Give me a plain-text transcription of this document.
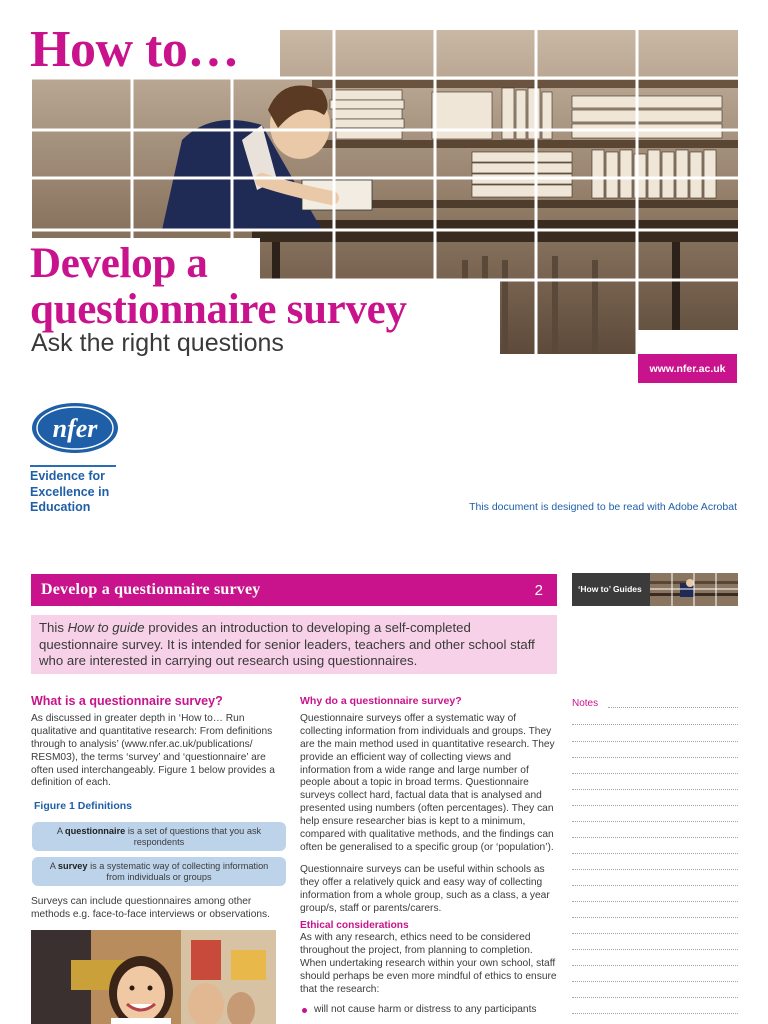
How to…
Develop a
questionnaire survey
Ask the right questions
www.nfer.ac.uk
nfer
Evidence for
Excellence in
Education	This document is designed to be read with Adobe Acrobat
Develop a questionnaire survey	2	‘How to’ Guides
This How to guide provides an introduction to developing a self-completed questionnaire survey. It is intended for senior leaders, teachers and other school staff who are interested in carrying out research using questionnaires.
What is a questionnaire survey?
As discussed in greater depth in ‘How to… Run qualitative and quantitative research: From definitions through to analysis’ (www.nfer.ac.uk/publications/ RESM03), the terms ‘survey’ and ‘questionnaire’ are often used interchangeably. Figure 1 below provides a definition of each.
Figure 1 Definitions
A questionnaire is a set of questions that you ask respondents
A survey is a systematic way of collecting information from individuals or groups
Surveys can include questionnaires among other methods e.g. face-to-face interviews or observations.
Why do a questionnaire survey?
Questionnaire surveys offer a systematic way of collecting information from individuals and groups. They are the main method used in quantitative research. They provide an efficient way of collecting views and information from a wide range and large number of people about a topic in broad terms. Questionnaire surveys collect hard, factual data that is analysed and presented using numbers (often percentages). They can help ensure researcher bias is kept to a minimum, compared with qualitative methods, and the findings can often be generalised to a specific group (or ‘population’).
Questionnaire surveys can be useful within schools as they offer a relatively quick and easy way of collecting information from a whole group, such as a class, a year group/s, staff or parents/carers.
Ethical considerations
As with any research, ethics need to be considered throughout the project, from planning to completion. When undertaking research within your own school, staff should perhaps be even more mindful of ethics to ensure that the research:
will not cause harm or distress to any participants
Notes
